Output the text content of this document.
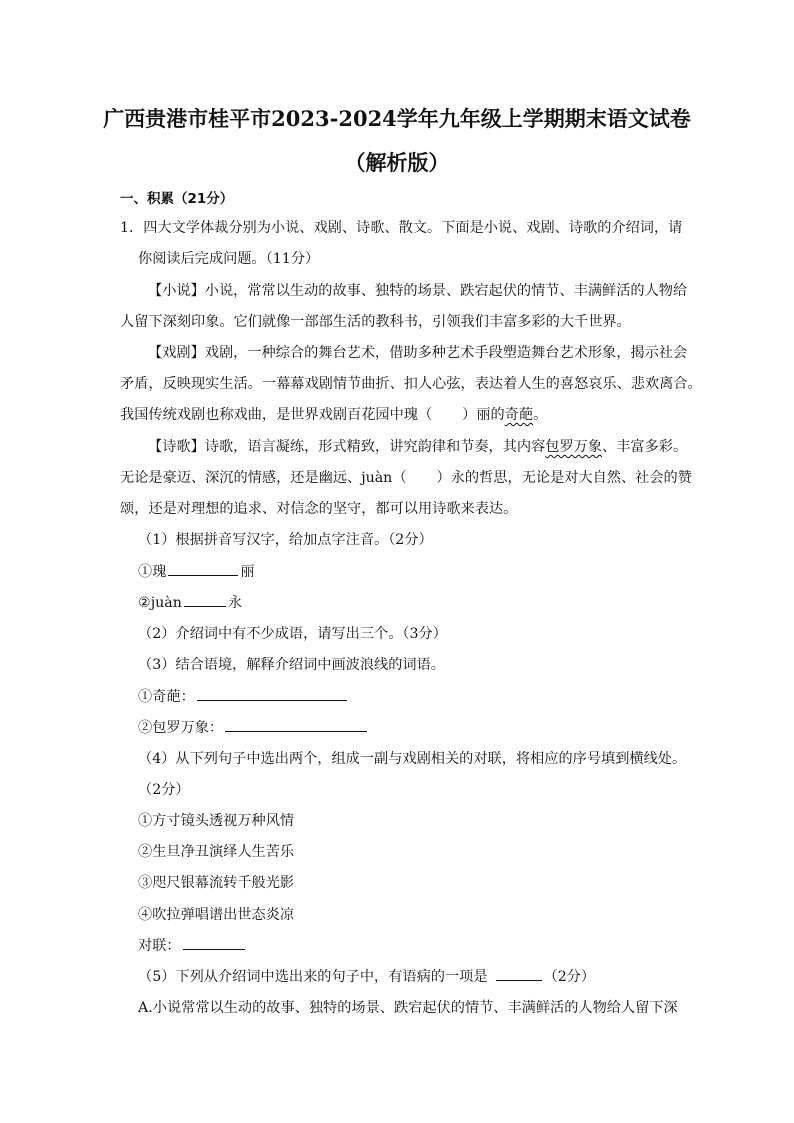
广西贵港市桂平市2023-2024学年九年级上学期期末语文试卷
（解析版）
一、积累（21分）
1．四大文学体裁分别为小说、戏剧、诗歌、散文。下面是小说、戏剧、诗歌的介绍词，请
你阅读后完成问题。（11分）
【小说】小说，常常以生动的故事、独特的场景、跌宕起伏的情节、丰满鲜活的人物给
人留下深刻印象。它们就像一部部生活的教科书，引领我们丰富多彩的大千世界。
【戏剧】戏剧，一种综合的舞台艺术，借助多种艺术手段塑造舞台艺术形象，揭示社会
矛盾，反映现实生活。一幕幕戏剧情节曲折、扣人心弦，表达着人生的喜怒哀乐、悲欢离合。
我国传统戏剧也称戏曲，是世界戏剧百花园中瑰（ ）丽的奇葩。
【诗歌】诗歌，语言凝练，形式精致，讲究韵律和节奏，其内容包罗万象、丰富多彩。
无论是豪迈、深沉的情感，还是幽远、juàn（ ）永的哲思，无论是对大自然、社会的赞
颂，还是对理想的追求、对信念的坚守，都可以用诗歌来表达。
（1）根据拼音写汉字，给加点字注音。（2分）
①瑰	丽
②juàn	永
（2）介绍词中有不少成语，请写出三个。（3分）
（3）结合语境，解释介绍词中画波浪线的词语。
①奇葩：
②包罗万象：
（4）从下列句子中选出两个，组成一副与戏剧相关的对联，将相应的序号填到横线处。
（2分）
①方寸镜头透视万种风情
②生旦净丑演绎人生苦乐
③咫尺银幕流转千般光影
④吹拉弹唱谱出世态炎凉
对联：
（5）下列从介绍词中选出来的句子中，有语病的一项是	（2分）
A.小说常常以生动的故事、独特的场景、跌宕起伏的情节、丰满鲜活的人物给人留下深
